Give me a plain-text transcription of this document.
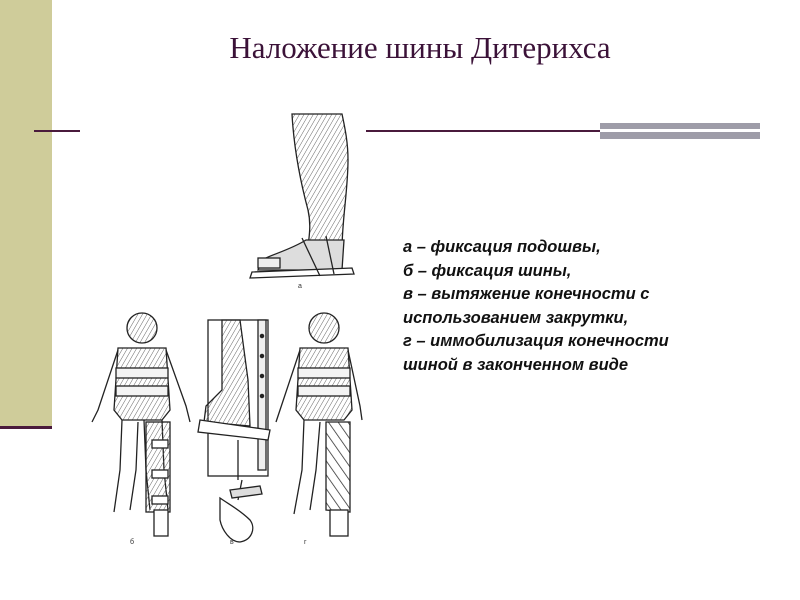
Наложение шины Дитерихса
а
б	в	г
а – фиксация подошвы,
б – фиксация шины,
в – вытяжение конечности с
использованием закрутки,
г – иммобилизация конечности
шиной в законченном виде
